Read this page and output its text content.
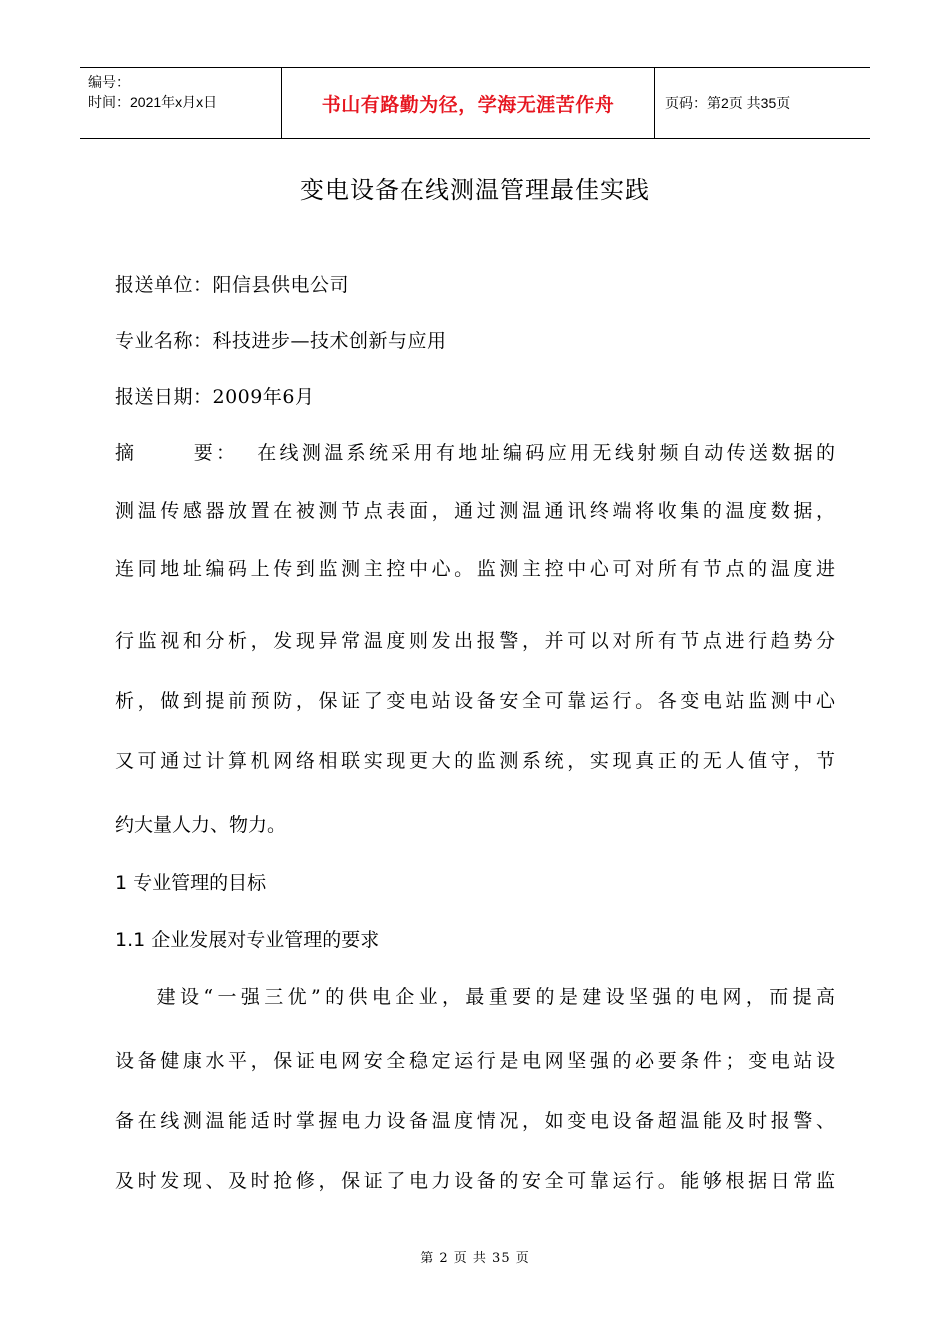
编号：
时间：2021年x月x日	书山有路勤为径，学海无涯苦作舟	页码：第2页 共35页
变电设备在线测温管理最佳实践
报送单位：阳信县供电公司
专业名称：科技进步—技术创新与应用
报送日期：2009年6月
摘      要：  在线测温系统采用有地址编码应用无线射频自动传送数据的
测温传感器放置在被测节点表面，通过测温通讯终端将收集的温度数据，
连同地址编码上传到监测主控中心。监测主控中心可对所有节点的温度进
行监视和分析，发现异常温度则发出报警，并可以对所有节点进行趋势分
析，做到提前预防，保证了变电站设备安全可靠运行。各变电站监测中心
又可通过计算机网络相联实现更大的监测系统，实现真正的无人值守，节
约大量人力、物力。
1 专业管理的目标
1.1 企业发展对专业管理的要求
建设“一强三优”的供电企业，最重要的是建设坚强的电网，而提高
设备健康水平，保证电网安全稳定运行是电网坚强的必要条件；变电站设
备在线测温能适时掌握电力设备温度情况，如变电设备超温能及时报警、
及时发现、及时抢修，保证了电力设备的安全可靠运行。能够根据日常监
第 2 页 共 35 页
